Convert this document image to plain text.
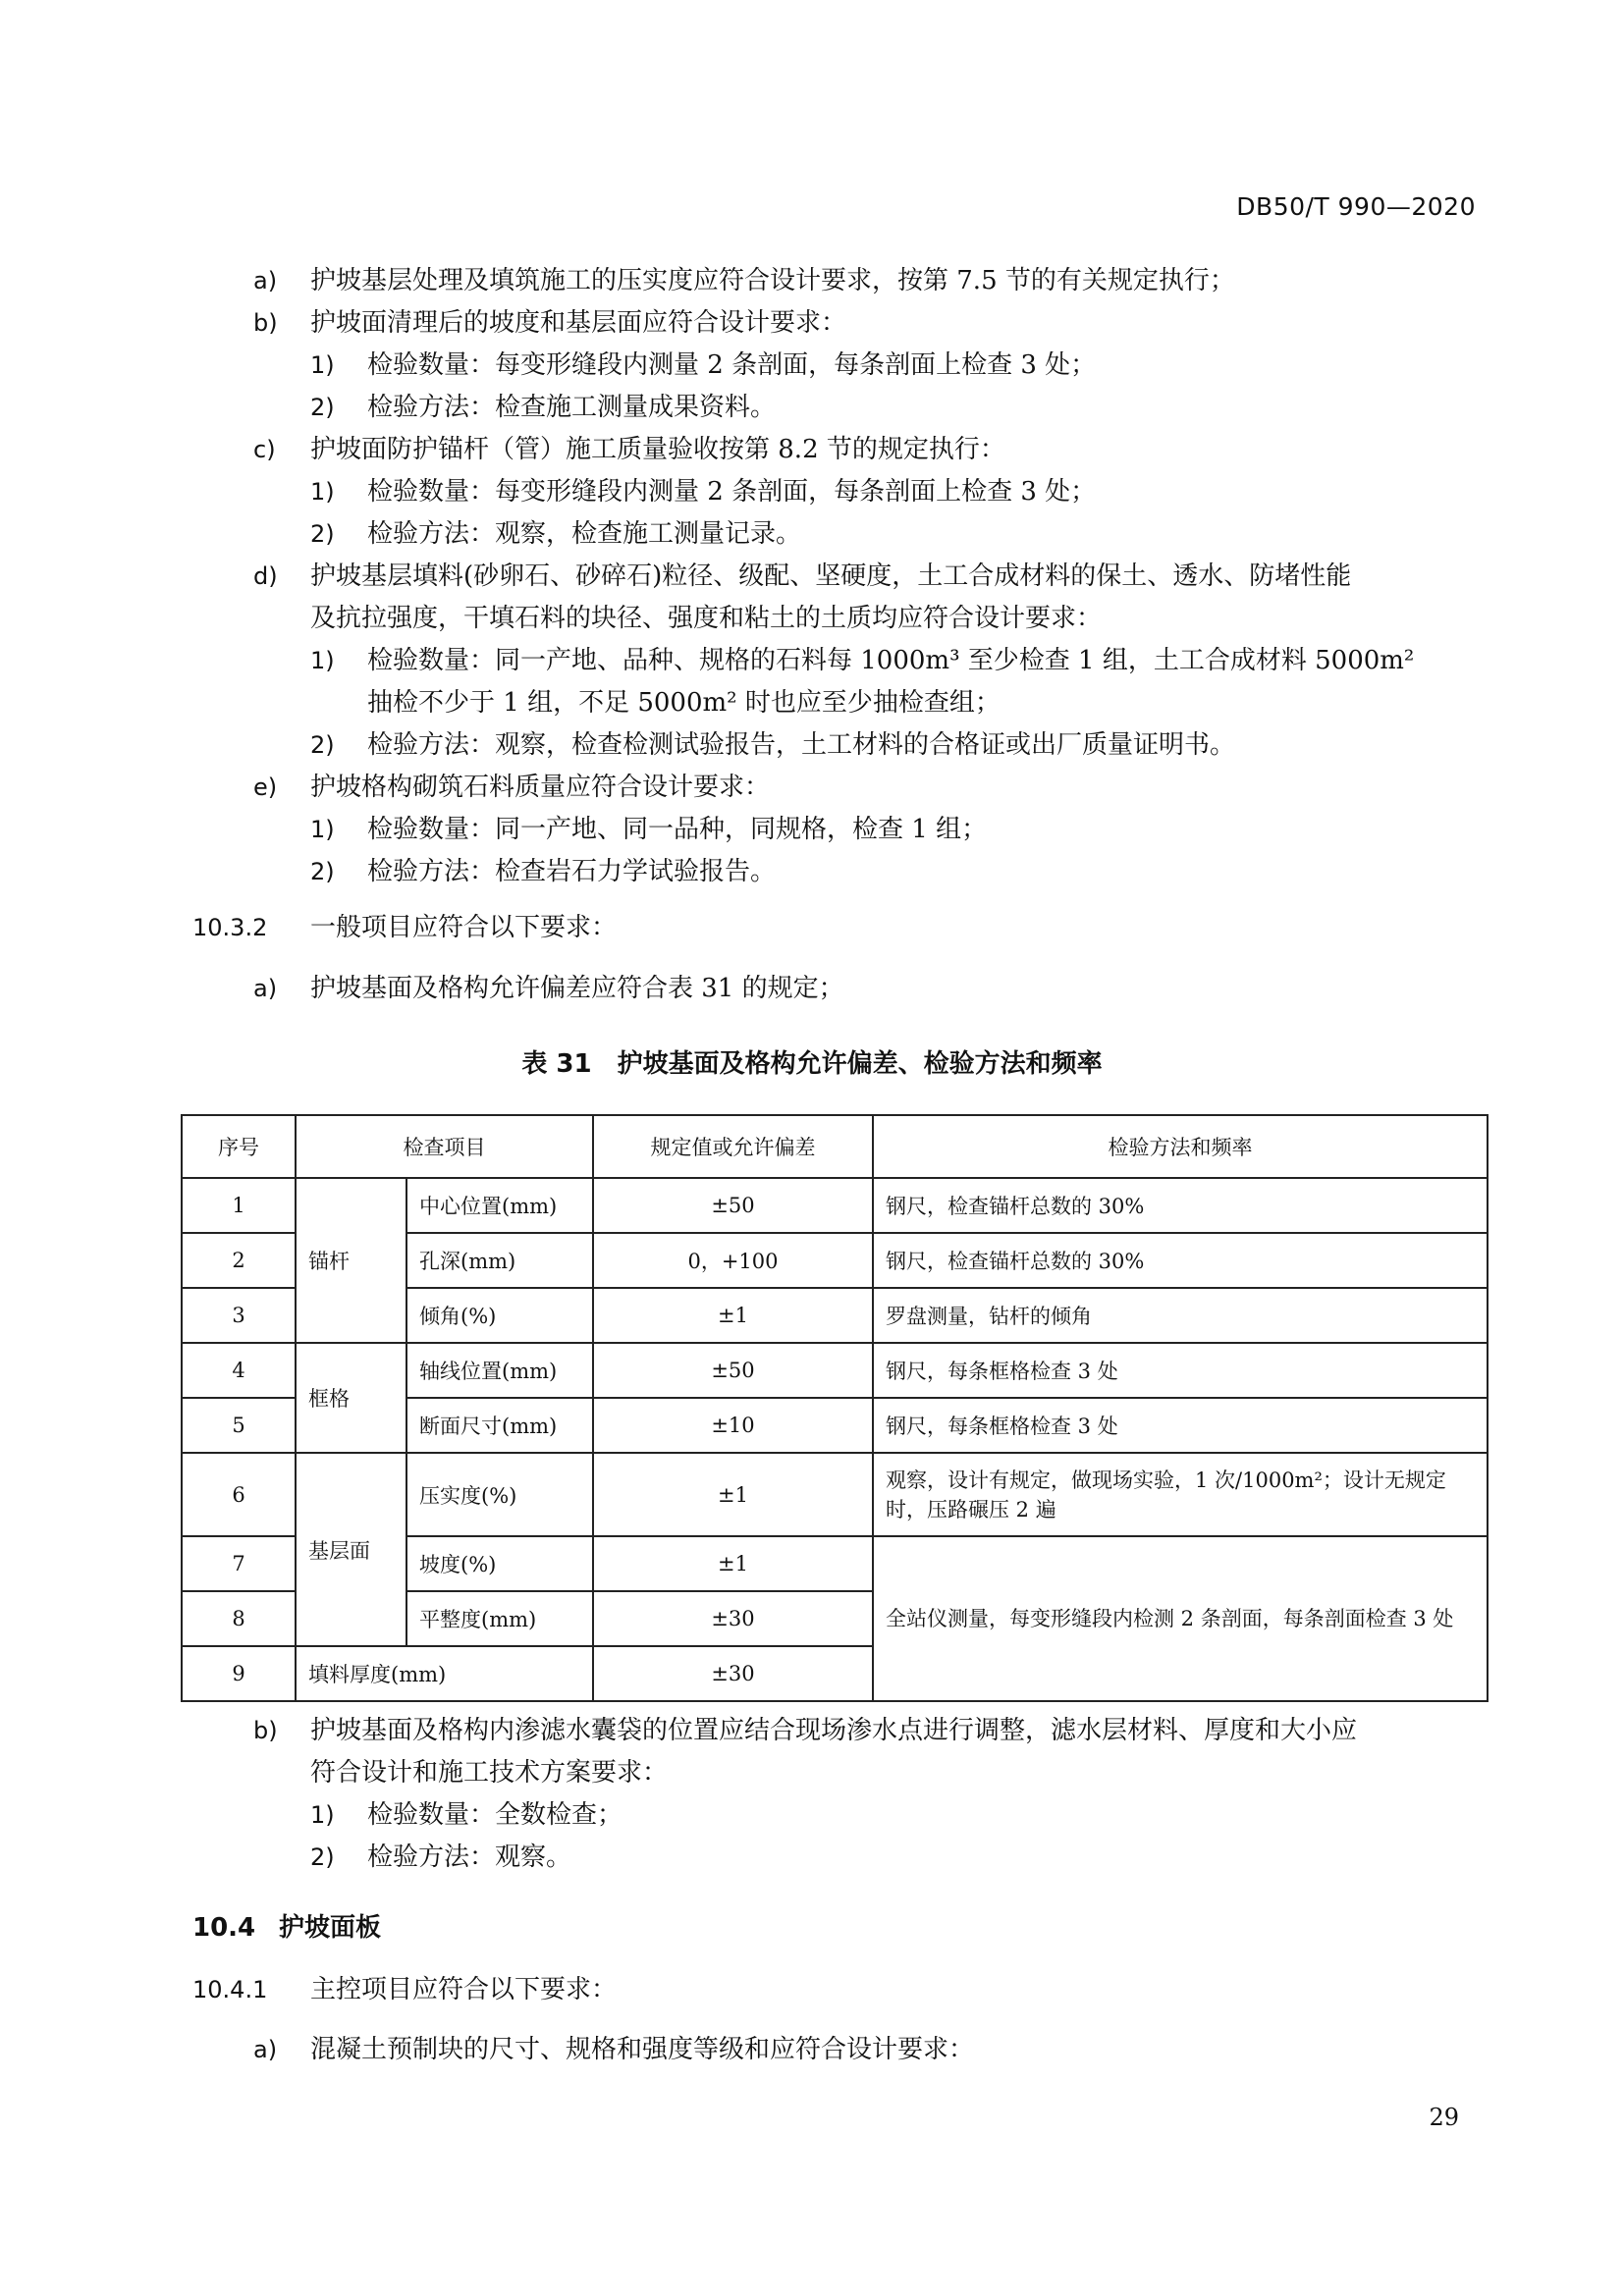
DB50/T 990—2020
a) 护坡基层处理及填筑施工的压实度应符合设计要求，按第 7.5 节的有关规定执行；
b) 护坡面清理后的坡度和基层面应符合设计要求：
1) 检验数量：每变形缝段内测量 2 条剖面，每条剖面上检查 3 处；
2) 检验方法：检查施工测量成果资料。
c) 护坡面防护锚杆（管）施工质量验收按第 8.2 节的规定执行：
1) 检验数量：每变形缝段内测量 2 条剖面，每条剖面上检查 3 处；
2) 检验方法：观察，检查施工测量记录。
d) 护坡基层填料(砂卵石、砂碎石)粒径、级配、坚硬度，土工合成材料的保土、透水、防堵性能
及抗拉强度，干填石料的块径、强度和粘土的土质均应符合设计要求：
1) 检验数量：同一产地、品种、规格的石料每 1000m³ 至少检查 1 组，土工合成材料 5000m²
抽检不少于 1 组，不足 5000m² 时也应至少抽检查组；
2) 检验方法：观察，检查检测试验报告，土工材料的合格证或出厂质量证明书。
e) 护坡格构砌筑石料质量应符合设计要求：
1) 检验数量：同一产地、同一品种，同规格，检查 1 组；
2) 检验方法：检查岩石力学试验报告。
10.3.2 一般项目应符合以下要求：
a) 护坡基面及格构允许偏差应符合表 31 的规定；
表 31　护坡基面及格构允许偏差、检验方法和频率
序号	检查项目		规定值或允许偏差	检验方法和频率
1	锚杆	中心位置(mm)	±50	钢尺，检查锚杆总数的 30%
2		孔深(mm)	0，+100	钢尺，检查锚杆总数的 30%
3		倾角(%)	±1	罗盘测量，钻杆的倾角
4	框格	轴线位置(mm)	±50	钢尺，每条框格检查 3 处
5		断面尺寸(mm)	±10	钢尺，每条框格检查 3 处
6	基层面	压实度(%)	±1	观察，设计有规定，做现场实验，1 次/1000m²；设计无规定时，压路碾压 2 遍
7		坡度(%)	±1	全站仪测量，每变形缝段内检测 2 条剖面，每条剖面检查 3 处
8		平整度(mm)	±30	
9	填料厚度(mm)		±30	
b) 护坡基面及格构内渗滤水囊袋的位置应结合现场渗水点进行调整，滤水层材料、厚度和大小应
符合设计和施工技术方案要求：
1) 检验数量：全数检查；
2) 检验方法：观察。
10.4 护坡面板
10.4.1 主控项目应符合以下要求：
a) 混凝土预制块的尺寸、规格和强度等级和应符合设计要求：
29
